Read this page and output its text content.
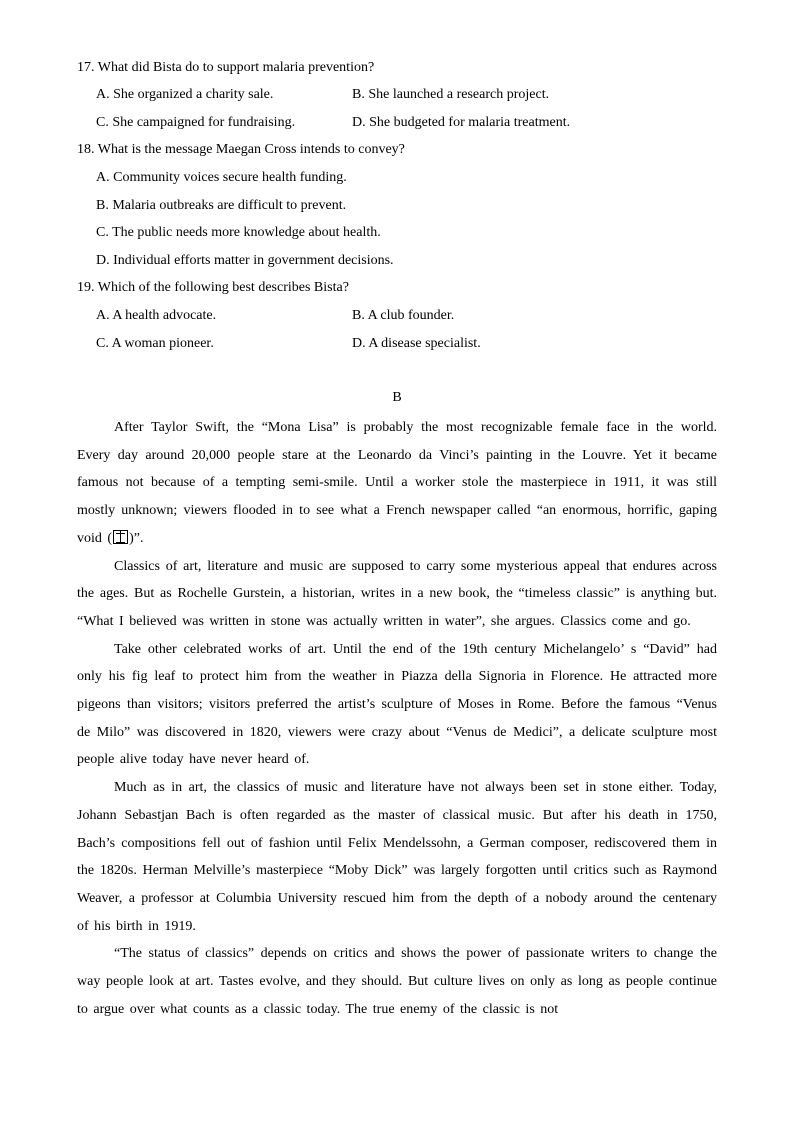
17. What did Bista do to support malaria prevention?
A. She organized a charity sale.	B. She launched a research project.
C. She campaigned for fundraising.	D. She budgeted for malaria treatment.
18. What is the message Maegan Cross intends to convey?
A. Community voices secure health funding.
B. Malaria outbreaks are difficult to prevent.
C. The public needs more knowledge about health.
D. Individual efforts matter in government decisions.
19. Which of the following best describes Bista?
A. A health advocate.	B. A club founder.
C. A woman pioneer.	D. A disease specialist.
B

After Taylor Swift, the “Mona Lisa” is probably the most recognizable female face in the world. Every day around 20,000 people stare at the Leonardo da Vinci’s painting in the Louvre. Yet it became famous not because of a tempting semi-smile. Until a worker stole the masterpiece in 1911, it was still mostly unknown; viewers flooded in to see what a French newspaper called “an enormous, horrific, gaping void ( )”.

Classics of art, literature and music are supposed to carry some mysterious appeal that endures across the ages. But as Rochelle Gurstein, a historian, writes in a new book, the “timeless classic” is anything but. “What I believed was written in stone was actually written in water”, she argues. Classics come and go.

Take other celebrated works of art. Until the end of the 19th century Michelangelo’ s “David” had only his fig leaf to protect him from the weather in Piazza della Signoria in Florence. He attracted more pigeons than visitors; visitors preferred the artist’s sculpture of Moses in Rome. Before the famous “Venus de Milo” was discovered in 1820, viewers were crazy about “Venus de Medici”, a delicate sculpture most people alive today have never heard of.

Much as in art, the classics of music and literature have not always been set in stone either. Today, Johann Sebastjan Bach is often regarded as the master of classical music. But after his death in 1750, Bach’s compositions fell out of fashion until Felix Mendelssohn, a German composer, rediscovered them in the 1820s. Herman Melville’s masterpiece “Moby Dick” was largely forgotten until critics such as Raymond Weaver, a professor at Columbia University rescued him from the depth of a nobody around the centenary of his birth in 1919.

“The status of classics” depends on critics and shows the power of passionate writers to change the way people look at art. Tastes evolve, and they should. But culture lives on only as long as people continue to argue over what counts as a classic today. The true enemy of the classic is not
